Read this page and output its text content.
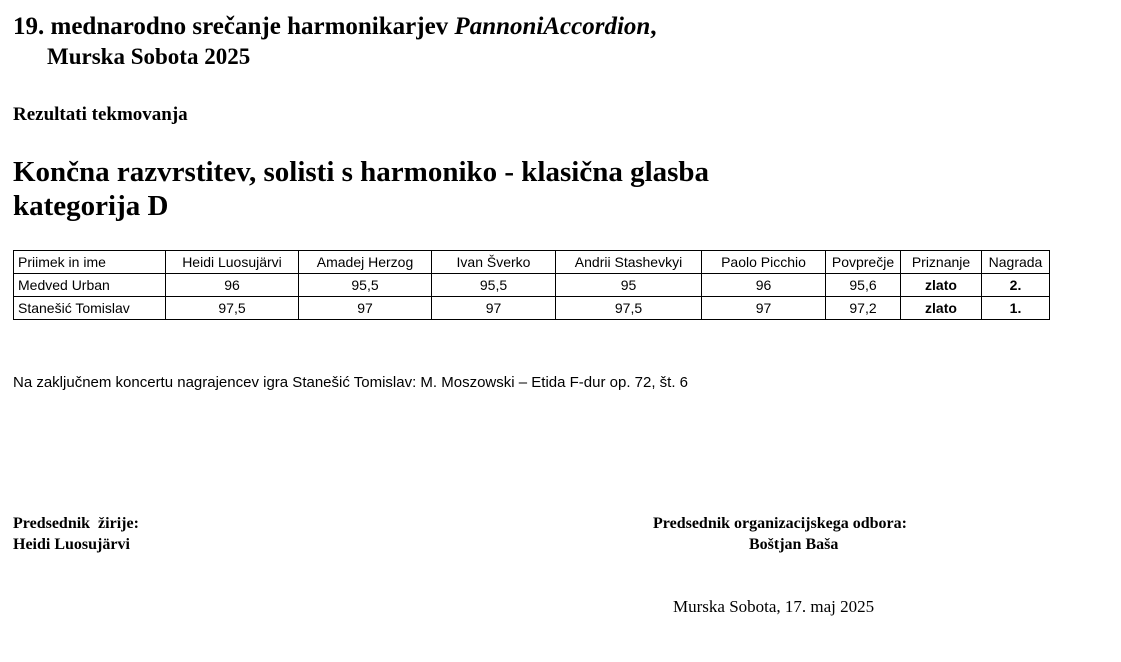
19. mednarodno srečanje harmonikarjev PannoniAccordion,
Murska Sobota 2025
Rezultati tekmovanja
Končna razvrstitev, solisti s harmoniko - klasična glasba
kategorija D
Priimek in ime	Heidi Luosujärvi	Amadej Herzog	Ivan Šverko	Andrii Stashevkyi	Paolo Picchio	Povprečje	Priznanje	Nagrada
Medved Urban	96	95,5	95,5	95	96	95,6	zlato	2.
Stanešić Tomislav	97,5	97	97	97,5	97	97,2	zlato	1.
Na zaključnem koncertu nagrajencev igra Stanešić Tomislav: M. Moszowski – Etida F-dur op. 72, št. 6
Predsednik  žirije:
Heidi Luosujärvi
Predsednik organizacijskega odbora:
Boštjan Baša
Murska Sobota, 17. maj 2025
